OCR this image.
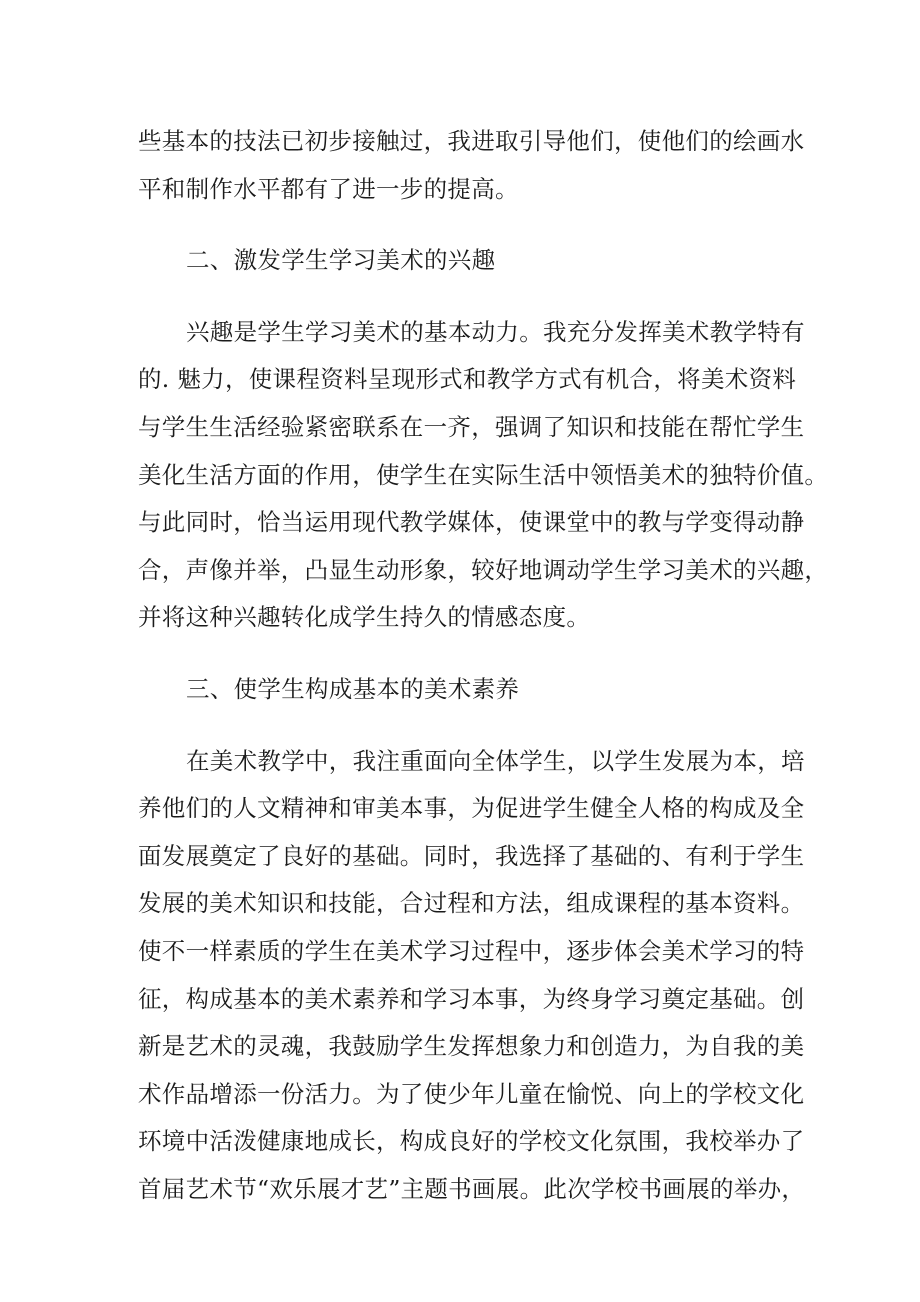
些基本的技法已初步接触过，我进取引导他们，使他们的绘画水
平和制作水平都有了进一步的提高。
二、激发学生学习美术的兴趣
兴趣是学生学习美术的基本动力。我充分发挥美术教学特有
的. 魅力，使课程资料呈现形式和教学方式有机合，将美术资料
与学生生活经验紧密联系在一齐，强调了知识和技能在帮忙学生
美化生活方面的作用，使学生在实际生活中领悟美术的独特价值。
与此同时，恰当运用现代教学媒体，使课堂中的教与学变得动静
合，声像并举，凸显生动形象，较好地调动学生学习美术的兴趣，
并将这种兴趣转化成学生持久的情感态度。
三、使学生构成基本的美术素养
在美术教学中，我注重面向全体学生，以学生发展为本，培
养他们的人文精神和审美本事，为促进学生健全人格的构成及全
面发展奠定了良好的基础。同时，我选择了基础的、有利于学生
发展的美术知识和技能，合过程和方法，组成课程的基本资料。
使不一样素质的学生在美术学习过程中，逐步体会美术学习的特
征，构成基本的美术素养和学习本事，为终身学习奠定基础。创
新是艺术的灵魂，我鼓励学生发挥想象力和创造力，为自我的美
术作品增添一份活力。为了使少年儿童在愉悦、向上的学校文化
环境中活泼健康地成长，构成良好的学校文化氛围，我校举办了
首届艺术节“欢乐展才艺”主题书画展。此次学校书画展的举办，
